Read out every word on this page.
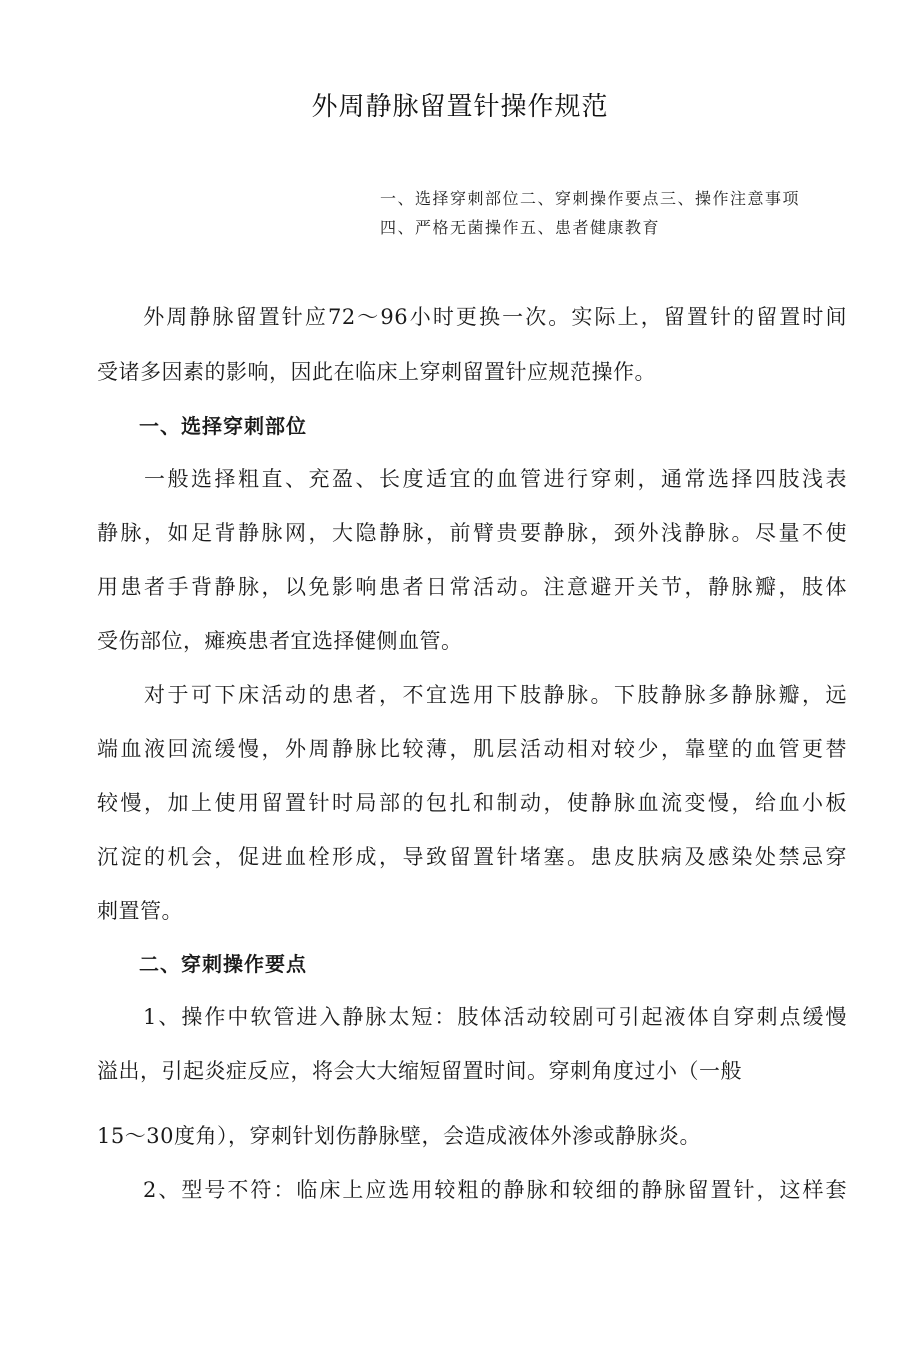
外周静脉留置针操作规范
一、选择穿刺部位二、穿刺操作要点三、操作注意事项
四、严格无菌操作五、患者健康教育
　　外周静脉留置针应72～96小时更换一次。实际上，留置针的留置时间
受诸多因素的影响，因此在临床上穿刺留置针应规范操作。
　　一、选择穿刺部位
　　一般选择粗直、充盈、长度适宜的血管进行穿刺，通常选择四肢浅表
静脉，如足背静脉网，大隐静脉，前臂贵要静脉，颈外浅静脉。尽量不使
用患者手背静脉，以免影响患者日常活动。注意避开关节，静脉瓣，肢体
受伤部位，瘫痪患者宜选择健侧血管。
　　对于可下床活动的患者，不宜选用下肢静脉。下肢静脉多静脉瓣，远
端血液回流缓慢，外周静脉比较薄，肌层活动相对较少，靠壁的血管更替
较慢，加上使用留置针时局部的包扎和制动，使静脉血流变慢，给血小板
沉淀的机会，促进血栓形成，导致留置针堵塞。患皮肤病及感染处禁忌穿
刺置管。
　　二、穿刺操作要点
　　1、操作中软管进入静脉太短：肢体活动较剧可引起液体自穿刺点缓慢
溢出，引起炎症反应，将会大大缩短留置时间。穿刺角度过小（一般
15～30度角），穿刺针划伤静脉壁，会造成液体外渗或静脉炎。
　　2、型号不符：临床上应选用较粗的静脉和较细的静脉留置针，这样套
